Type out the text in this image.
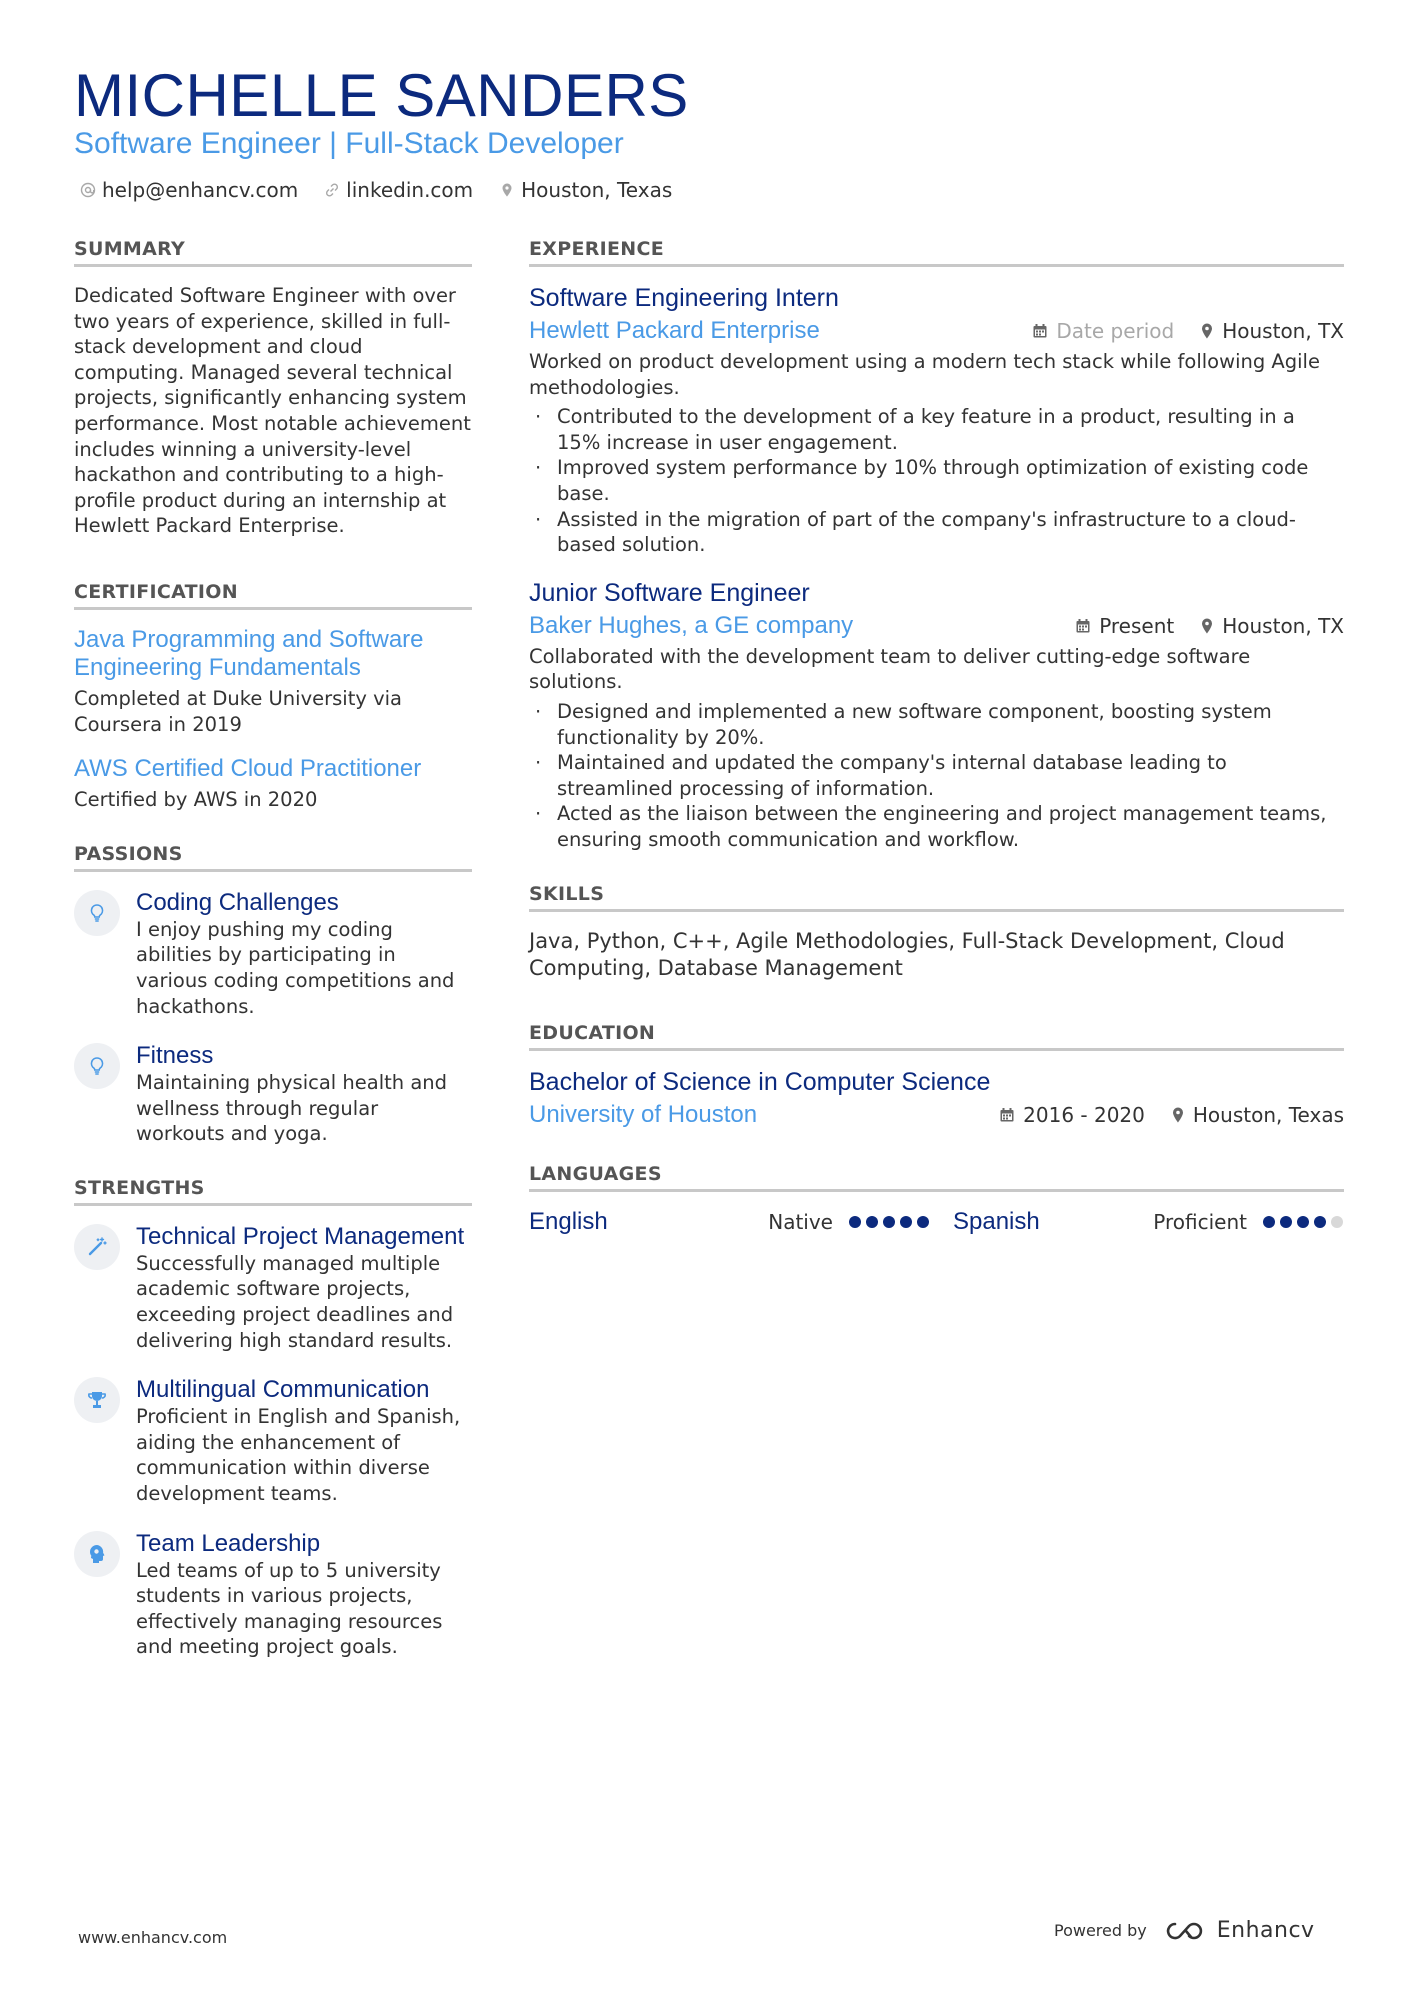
MICHELLE SANDERS
Software Engineer | Full-Stack Developer
help@enhancv.com linkedin.com Houston, Texas
SUMMARY

Dedicated Software Engineer with over two years of experience, skilled in full-stack development and cloud computing. Managed several technical projects, significantly enhancing system performance. Most notable achievement includes winning a university-level hackathon and contributing to a high-profile product during an internship at Hewlett Packard Enterprise.

CERTIFICATION
Java Programming and Software Engineering Fundamentals

Completed at Duke University via Coursera in 2019

AWS Certified Cloud Practitioner

Certified by AWS in 2020

PASSIONS
Coding Challenges

I enjoy pushing my coding abilities by participating in various coding competitions and hackathons.

Fitness

Maintaining physical health and wellness through regular workouts and yoga.

STRENGTHS
Technical Project Management

Successfully managed multiple academic software projects, exceeding project deadlines and delivering high standard results.

Multilingual Communication

Proficient in English and Spanish, aiding the enhancement of communication within diverse development teams.

Team Leadership

Led teams of up to 5 university students in various projects, effectively managing resources and meeting project goals.

EXPERIENCE
Software Engineering Intern
Hewlett Packard Enterprise	Date period Houston, TX

Worked on product development using a modern tech stack while following Agile methodologies.

· Contributed to the development of a key feature in a product, resulting in a 15% increase in user engagement.
· Improved system performance by 10% through optimization of existing code base.
· Assisted in the migration of part of the company's infrastructure to a cloud-based solution.
Junior Software Engineer
Baker Hughes, a GE company	Present Houston, TX

Collaborated with the development team to deliver cutting-edge software solutions.

· Designed and implemented a new software component, boosting system functionality by 20%.
· Maintained and updated the company's internal database leading to streamlined processing of information.
· Acted as the liaison between the engineering and project management teams, ensuring smooth communication and workflow.
SKILLS

Java, Python, C++, Agile Methodologies, Full-Stack Development, Cloud Computing, Database Management

EDUCATION
Bachelor of Science in Computer Science
University of Houston	2016 - 2020 Houston, Texas
LANGUAGES
English	Native	Spanish	Proficient
www.enhancv.com	Powered by	Enhancv
